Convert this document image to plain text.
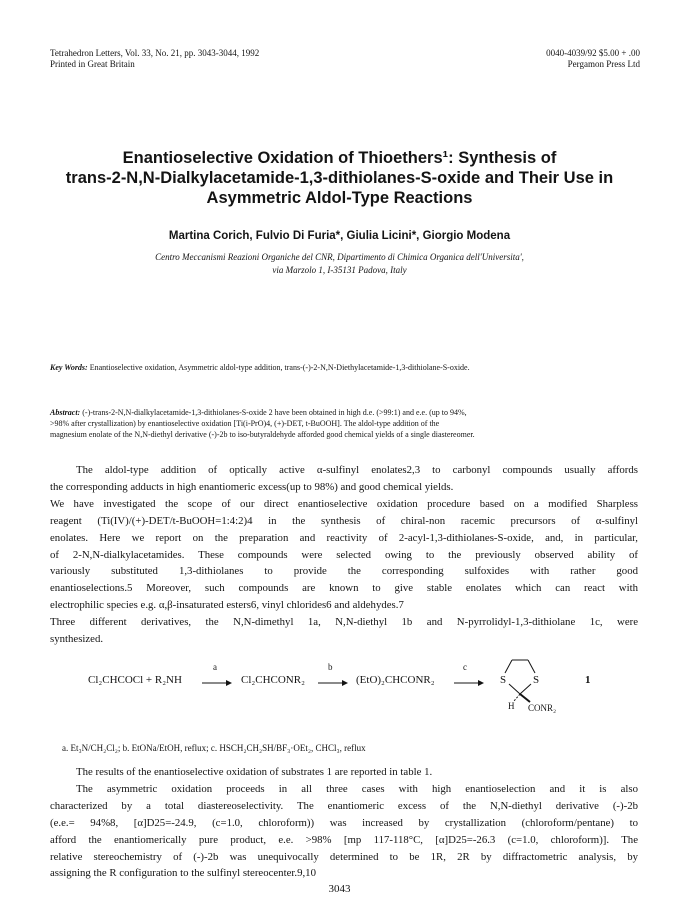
Tetrahedron Letters, Vol. 33, No. 21, pp. 3043-3044, 1992
Printed in Great Britain
0040-4039/92 $5.00 + .00
Pergamon Press Ltd
Enantioselective Oxidation of Thioethers¹: Synthesis of
trans-2-N,N-Dialkylacetamide-1,3-dithiolanes-S-oxide and Their Use in
Asymmetric Aldol-Type Reactions
Martina Corich, Fulvio Di Furia*, Giulia Licini*, Giorgio Modena
Centro Meccanismi Reazioni Organiche del CNR, Dipartimento di Chimica Organica dell'Universita',
via Marzolo 1, I-35131 Padova, Italy
Key Words: Enantioselective oxidation, Asymmetric aldol-type addition, trans-(-)-2-N,N-Diethylacetamide-1,3-dithiolane-S-oxide.
Abstract: (-)-trans-2-N,N-dialkylacetamide-1,3-dithiolanes-S-oxide 2 have been obtained in high d.e. (>99:1) and e.e. (up to 94%,
>98% after crystallization) by enantioselective oxidation [Ti(i-PrO)4, (+)-DET, t-BuOOH]. The aldol-type addition of the
magnesium enolate of the N,N-diethyl derivative (-)-2b to iso-butyraldehyde afforded good chemical yields of a single diastereomer.
The aldol-type addition of optically active α-sulfinyl enolates2,3 to carbonyl compounds usually affords
the corresponding adducts in high enantiomeric excess(up to 98%) and good chemical yields.
We have investigated the scope of our direct enantioselective oxidation procedure based on a modified Sharpless
reagent (Ti(IV)/(+)-DET/t-BuOOH=1:4:2)4 in the synthesis of chiral-non racemic precursors of α-sulfinyl
enolates. Here we report on the preparation and reactivity of 2-acyl-1,3-dithiolanes-S-oxide, and, in particular,
of 2-N,N-dialkylacetamides. These compounds were selected owing to the previously observed ability of
variously substituted 1,3-dithiolanes to provide the corresponding sulfoxides with rather good
enantioselections.5 Moreover, such compounds are known to give stable enolates which can react with
electrophilic species e.g. α,β-insaturated esters6, vinyl chlorides6 and aldehydes.7
Three different derivatives, the N,N-dimethyl 1a, N,N-diethyl 1b and N-pyrrolidyl-1,3-dithiolane 1c, were
synthesized.
Cl₂CHCOCl + R₂NH
a
Cl₂CHCONR₂
b
(EtO)₂CHCONR₂
c
S S
H CONR₂
1
a. Et₃N/CH₂Cl₂; b. EtONa/EtOH, reflux; c. HSCH₂CH₂SH/BF₃·OEt₂, CHCl₃, reflux
The results of the enantioselective oxidation of substrates 1 are reported in table 1.
The asymmetric oxidation proceeds in all three cases with high enantioselection and it is also
characterized by a total diastereoselectivity. The enantiomeric excess of the N,N-diethyl derivative (-)-2b
(e.e.= 94%8, [α]D25=-24.9, (c=1.0, chloroform)) was increased by crystallization (chloroform/pentane) to
afford the enantiomerically pure product, e.e. >98% [mp 117-118°C, [α]D25=-26.3 (c=1.0, chloroform)]. The
relative stereochemistry of (-)-2b was unequivocally determined to be 1R, 2R by diffractometric analysis, by
assigning the R configuration to the sulfinyl stereocenter.9,10
3043
